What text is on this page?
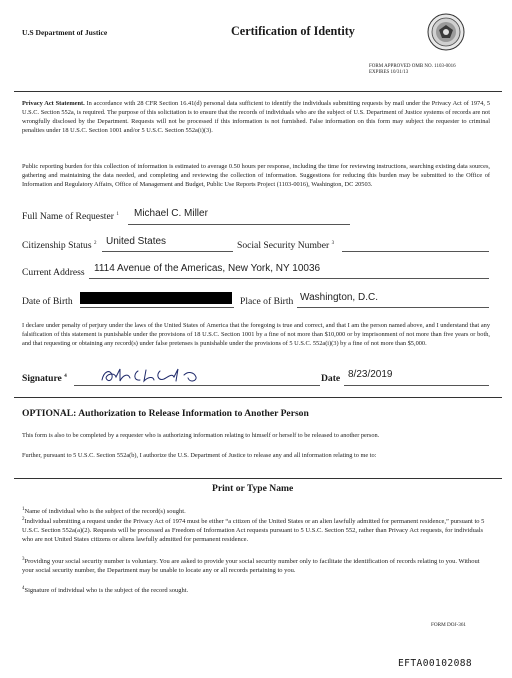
U.S Department of Justice	Certification of Identity
FORM APPROVED OMB NO. 1103-0016
EXPIRES 10/31/13
Privacy Act Statement. In accordance with 28 CFR Section 16.41(d) personal data sufficient to identify the individuals submitting requests by mail under the Privacy Act of 1974, 5 U.S.C. Section 552a, is required. The purpose of this solicitation is to ensure that the records of individuals who are the subject of U.S. Department of Justice systems of records are not wrongfully disclosed by the Department. Requests will not be processed if this information is not furnished. False information on this form may subject the requester to criminal penalties under 18 U.S.C. Section 1001 and/or 5 U.S.C. Section 552a(i)(3).
Public reporting burden for this collection of information is estimated to average 0.50 hours per response, including the time for reviewing instructions, searching existing data sources, gathering and maintaining the data needed, and completing and reviewing the collection of information. Suggestions for reducing this burden may be submitted to the Office of Information and Regulatory Affairs, Office of Management and Budget, Public Use Reports Project (1103-0016), Washington, DC 20503.
Full Name of Requester $^1$ Michael C. Miller
Citizenship Status $^2$ United States	Social Security Number $^3$
Current Address 1114 Avenue of the Americas, New York, NY 10036
Date of Birth	Place of Birth Washington, D.C.
I declare under penalty of perjury under the laws of the United States of America that the foregoing is true and correct, and that I am the person named above, and I understand that any falsification of this statement is punishable under the provisions of 18 U.S.C. Section 1001 by a fine of not more than $10,000 or by imprisonment of not more than five years or both, and that requesting or obtaining any record(s) under false pretenses is punishable under the provisions of 5 U.S.C. 552a(i)(3) by a fine of not more than $5,000.
Signature $^4$	Date 8/23/2019
OPTIONAL: Authorization to Release Information to Another Person
This form is also to be completed by a requester who is authorizing information relating to himself or herself to be released to another person.
Further, pursuant to 5 U.S.C. Section 552a(b), I authorize the U.S. Department of Justice to release any and all information relating to me to:
Print or Type Name
$^1$Name of individual who is the subject of the record(s) sought.
$^2$Individual submitting a request under the Privacy Act of 1974 must be either “a citizen of the United States or an alien lawfully admitted for permanent residence,” pursuant to 5 U.S.C. Section 552a(a)(2). Requests will be processed as Freedom of Information Act requests pursuant to 5 U.S.C. Section 552, rather than Privacy Act requests, for individuals who are not United States citizens or aliens lawfully admitted for permanent residence.
$^3$Providing your social security number is voluntary. You are asked to provide your social security number only to facilitate the identification of records relating to you. Without your social security number, the Department may be unable to locate any or all records pertaining to you.
$^4$Signature of individual who is the subject of the record sought.
FORM DOJ-361
EFTA00102088
